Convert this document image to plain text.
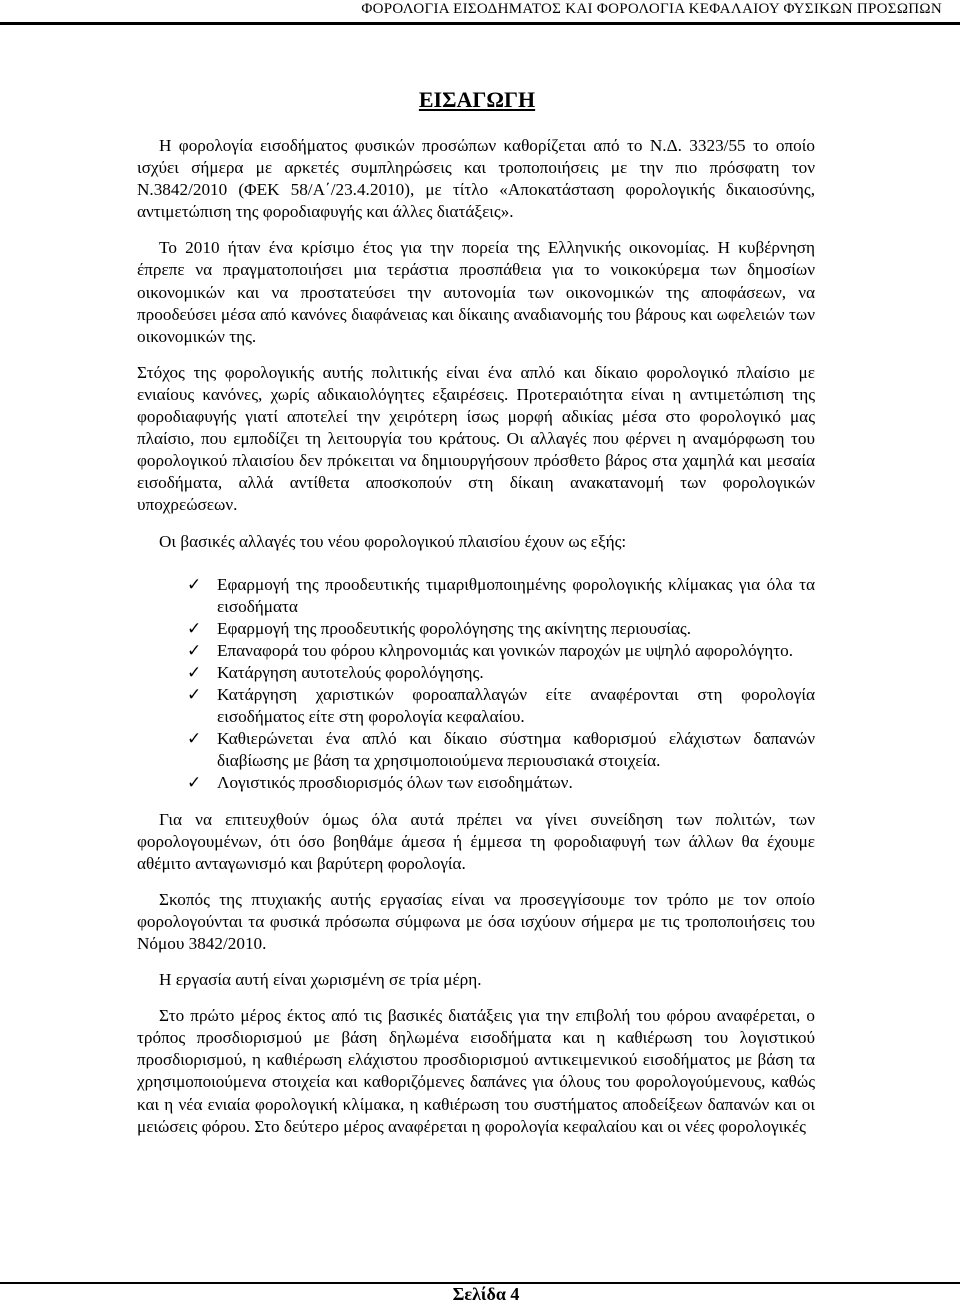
ΦΟΡΟΛΟΓΙΑ ΕΙΣΟΔΗΜΑΤΟΣ ΚΑΙ ΦΟΡΟΛΟΓΙΑ ΚΕΦΑΛΑΙΟΥ ΦΥΣΙΚΩΝ ΠΡΟΣΩΠΩΝ
ΕΙΣΑΓΩΓΗ

Η φορολογία εισοδήματος φυσικών προσώπων καθορίζεται από το Ν.Δ. 3323/55 το οποίο ισχύει σήμερα με αρκετές συμπληρώσεις και τροποποιήσεις με την πιο πρόσφατη τον Ν.3842/2010 (ΦΕΚ 58/Α΄/23.4.2010), με τίτλο «Αποκατάσταση φορολογικής δικαιοσύνης, αντιμετώπιση της φοροδιαφυγής και άλλες διατάξεις».

Το 2010 ήταν ένα κρίσιμο έτος για την πορεία της Ελληνικής οικονομίας. Η κυβέρνηση έπρεπε να πραγματοποιήσει μια τεράστια προσπάθεια για το νοικοκύρεμα των δημοσίων οικονομικών και να προστατεύσει την αυτονομία των οικονομικών της αποφάσεων, να προοδεύσει μέσα από κανόνες διαφάνειας και δίκαιης αναδιανομής του βάρους και ωφελειών των οικονομικών της.

Στόχος της φορολογικής αυτής πολιτικής είναι ένα απλό και δίκαιο φορολογικό πλαίσιο με ενιαίους κανόνες, χωρίς αδικαιολόγητες εξαιρέσεις. Προτεραιότητα είναι η αντιμετώπιση της φοροδιαφυγής γιατί αποτελεί την χειρότερη ίσως μορφή αδικίας μέσα στο φορολογικό μας πλαίσιο, που εμποδίζει τη λειτουργία του κράτους. Οι αλλαγές που φέρνει η αναμόρφωση του φορολογικού πλαισίου δεν πρόκειται να δημιουργήσουν πρόσθετο βάρος στα χαμηλά και μεσαία εισοδήματα, αλλά αντίθετα αποσκοπούν στη δίκαιη ανακατανομή των φορολογικών υποχρεώσεων.

Οι βασικές αλλαγές του νέου φορολογικού πλαισίου έχουν ως εξής:

✓ Εφαρμογή της προοδευτικής τιμαριθμοποιημένης φορολογικής κλίμακας για όλα τα εισοδήματα
✓ Εφαρμογή της προοδευτικής φορολόγησης της ακίνητης περιουσίας.
✓ Επαναφορά του φόρου κληρονομιάς και γονικών παροχών με υψηλό αφορολόγητο.
✓ Κατάργηση αυτοτελούς φορολόγησης.
✓ Κατάργηση χαριστικών φοροαπαλλαγών είτε αναφέρονται στη φορολογία εισοδήματος είτε στη φορολογία κεφαλαίου.
✓ Καθιερώνεται ένα απλό και δίκαιο σύστημα καθορισμού ελάχιστων δαπανών διαβίωσης με βάση τα χρησιμοποιούμενα περιουσιακά στοιχεία.
✓ Λογιστικός προσδιορισμός όλων των εισοδημάτων.

Για να επιτευχθούν όμως όλα αυτά πρέπει να γίνει συνείδηση των πολιτών, των φορολογουμένων, ότι όσο βοηθάμε άμεσα ή έμμεσα τη φοροδιαφυγή των άλλων θα έχουμε αθέμιτο ανταγωνισμό και βαρύτερη φορολογία.

Σκοπός της πτυχιακής αυτής εργασίας είναι να προσεγγίσουμε τον τρόπο με τον οποίο φορολογούνται τα φυσικά πρόσωπα σύμφωνα με όσα ισχύουν σήμερα με τις τροποποιήσεις του Νόμου 3842/2010.

Η εργασία αυτή είναι χωρισμένη σε τρία μέρη.

Στο πρώτο μέρος έκτος από τις βασικές διατάξεις για την επιβολή του φόρου αναφέρεται, ο τρόπος προσδιορισμού με βάση δηλωμένα εισοδήματα και η καθιέρωση του λογιστικού προσδιορισμού, η καθιέρωση ελάχιστου προσδιορισμού αντικειμενικού εισοδήματος με βάση τα χρησιμοποιούμενα στοιχεία και καθοριζόμενες δαπάνες για όλους του φορολογούμενους, καθώς και η νέα ενιαία φορολογική κλίμακα, η καθιέρωση του συστήματος αποδείξεων δαπανών και οι μειώσεις φόρου. Στο δεύτερο μέρος αναφέρεται η φορολογία κεφαλαίου και οι νέες φορολογικές

Σελίδα 4
